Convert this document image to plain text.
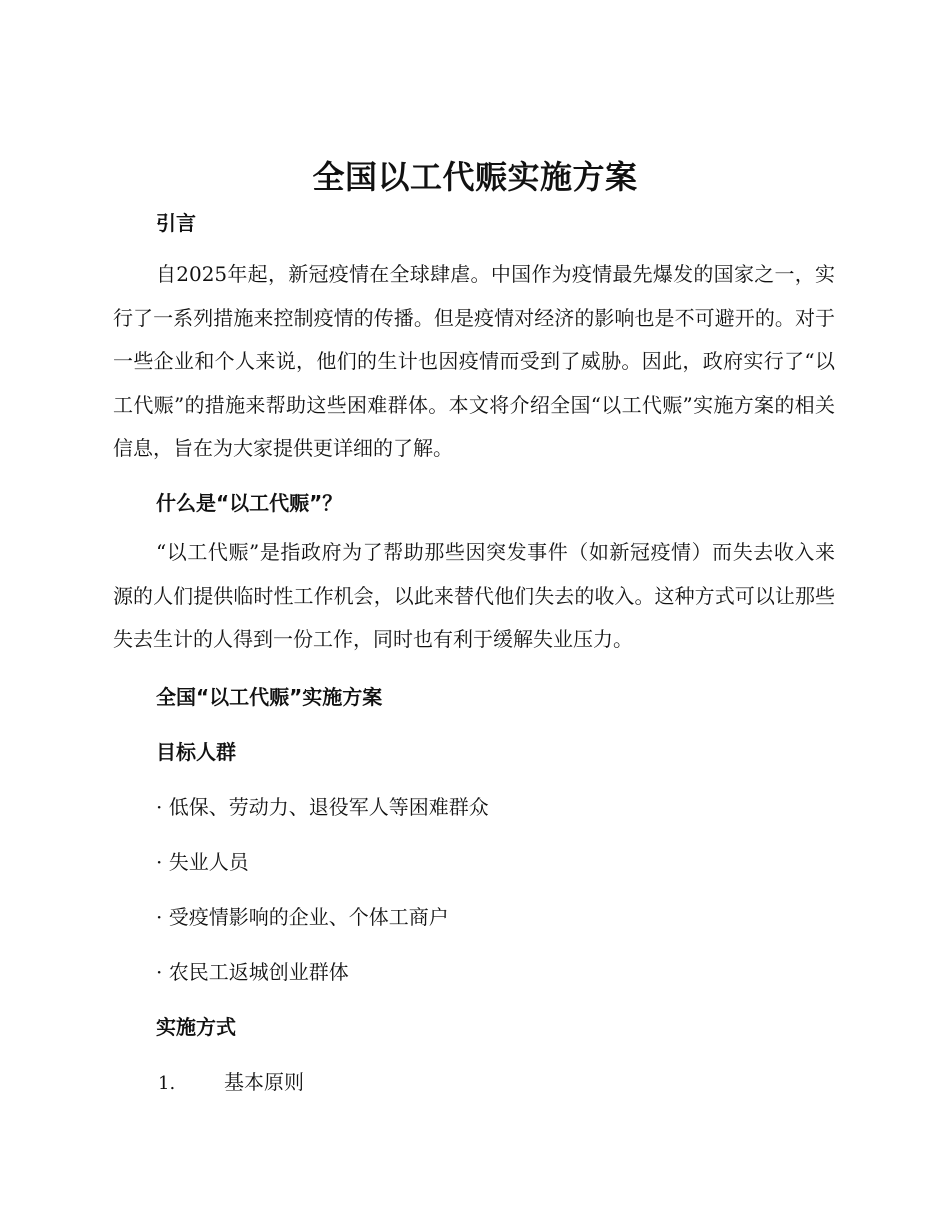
全国以工代赈实施方案
引言

自2025年起，新冠疫情在全球肆虐。中国作为疫情最先爆发的国家之一，实行了一系列措施来控制疫情的传播。但是疫情对经济的影响也是不可避开的。对于一些企业和个人来说，他们的生计也因疫情而受到了威胁。因此，政府实行了“以工代赈”的措施来帮助这些困难群体。本文将介绍全国“以工代赈”实施方案的相关信息，旨在为大家提供更详细的了解。

什么是“以工代赈”？

“以工代赈”是指政府为了帮助那些因突发事件（如新冠疫情）而失去收入来源的人们提供临时性工作机会，以此来替代他们失去的收入。这种方式可以让那些失去生计的人得到一份工作，同时也有利于缓解失业压力。

全国“以工代赈”实施方案
目标人群
· 低保、劳动力、退役军人等困难群众
· 失业人员
· 受疫情影响的企业、个体工商户
· 农民工返城创业群体
实施方式
1. 基本原则
